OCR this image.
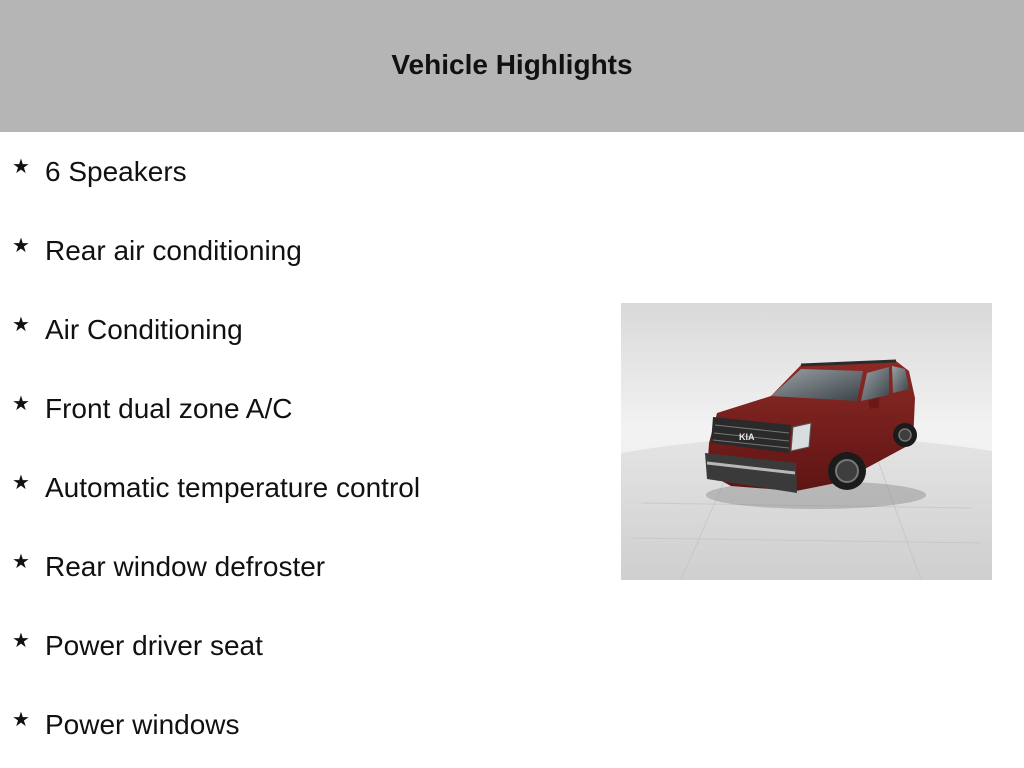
Vehicle Highlights
★ 6 Speakers
★ Rear air conditioning
★ Air Conditioning
★ Front dual zone A/C
★ Automatic temperature control
★ Rear window defroster
★ Power driver seat
★ Power windows
KIA
